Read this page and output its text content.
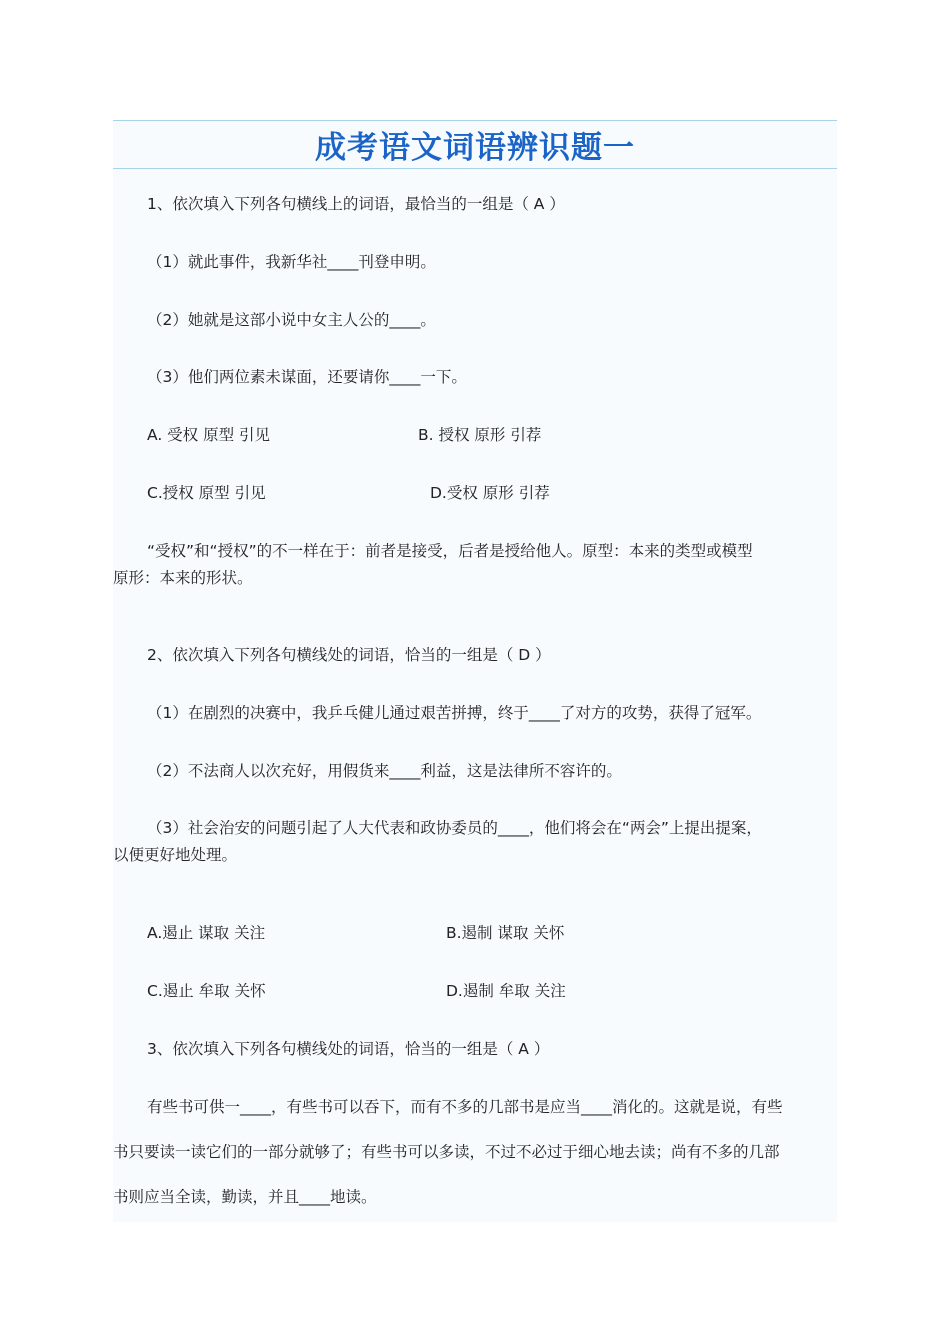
成考语文词语辨识题一
1、依次填入下列各句横线上的词语，最恰当的一组是（ A ）
（1）就此事件，我新华社____刊登申明。
（2）她就是这部小说中女主人公的____。
（3）他们两位素未谋面，还要请你____一下。
A. 受权 原型 引见	B. 授权 原形 引荐
C.授权 原型 引见	D.受权 原形 引荐
“受权”和“授权”的不一样在于：前者是接受，后者是授给他人。原型：本来的类型或模型
原形：本来的形状。
2、依次填入下列各句横线处的词语，恰当的一组是（ D ）
（1）在剧烈的决赛中，我乒乓健儿通过艰苦拼搏，终于____了对方的攻势，获得了冠军。
（2）不法商人以次充好，用假货来____利益，这是法律所不容许的。
（3）社会治安的问题引起了人大代表和政协委员的____，他们将会在“两会”上提出提案，
以便更好地处理。
A.遏止 谋取 关注	B.遏制 谋取 关怀
C.遏止 牟取 关怀	D.遏制 牟取 关注
3、依次填入下列各句横线处的词语，恰当的一组是（ A ）
有些书可供一____，有些书可以吞下，而有不多的几部书是应当____消化的。这就是说，有些
书只要读一读它们的一部分就够了；有些书可以多读，不过不必过于细心地去读；尚有不多的几部
书则应当全读，勤读，并且____地读。
